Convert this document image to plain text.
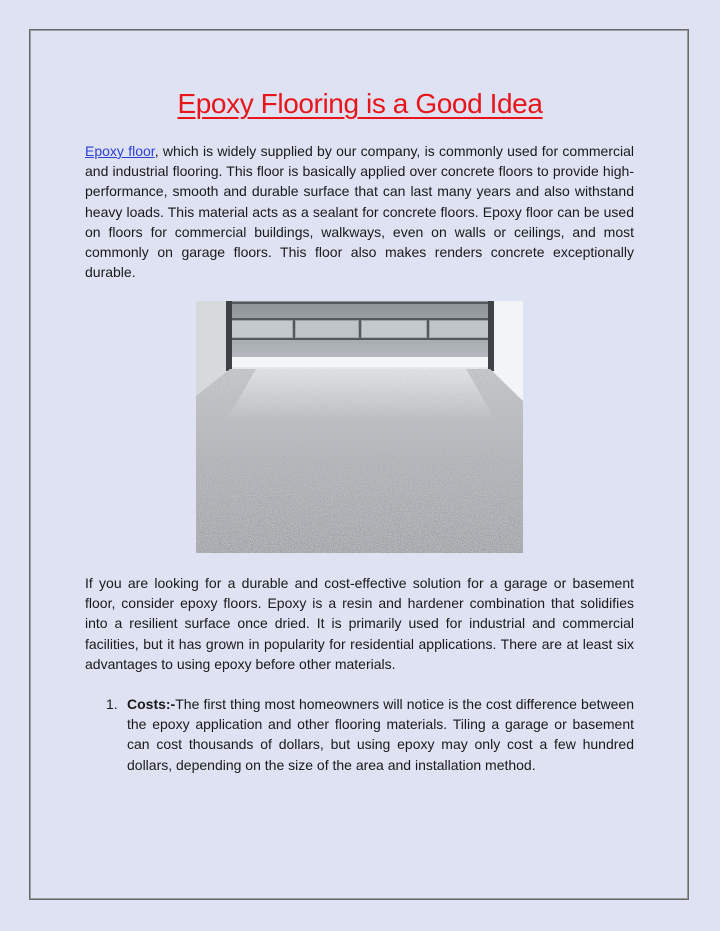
Epoxy Flooring is a Good Idea

Epoxy floor, which is widely supplied by our company, is commonly used for commercial and industrial flooring. This floor is basically applied over concrete floors to provide high-performance, smooth and durable surface that can last many years and also withstand heavy loads. This material acts as a sealant for concrete floors. Epoxy floor can be used on floors for commercial buildings, walkways, even on walls or ceilings, and most commonly on garage floors. This floor also makes renders concrete exceptionally durable.

If you are looking for a durable and cost-effective solution for a garage or basement floor, consider epoxy floors. Epoxy is a resin and hardener combination that solidifies into a resilient surface once dried. It is primarily used for industrial and commercial facilities, but it has grown in popularity for residential applications. There are at least six advantages to using epoxy before other materials.

1. Costs:-The first thing most homeowners will notice is the cost difference between the epoxy application and other flooring materials. Tiling a garage or basement can cost thousands of dollars, but using epoxy may only cost a few hundred dollars, depending on the size of the area and installation method.
